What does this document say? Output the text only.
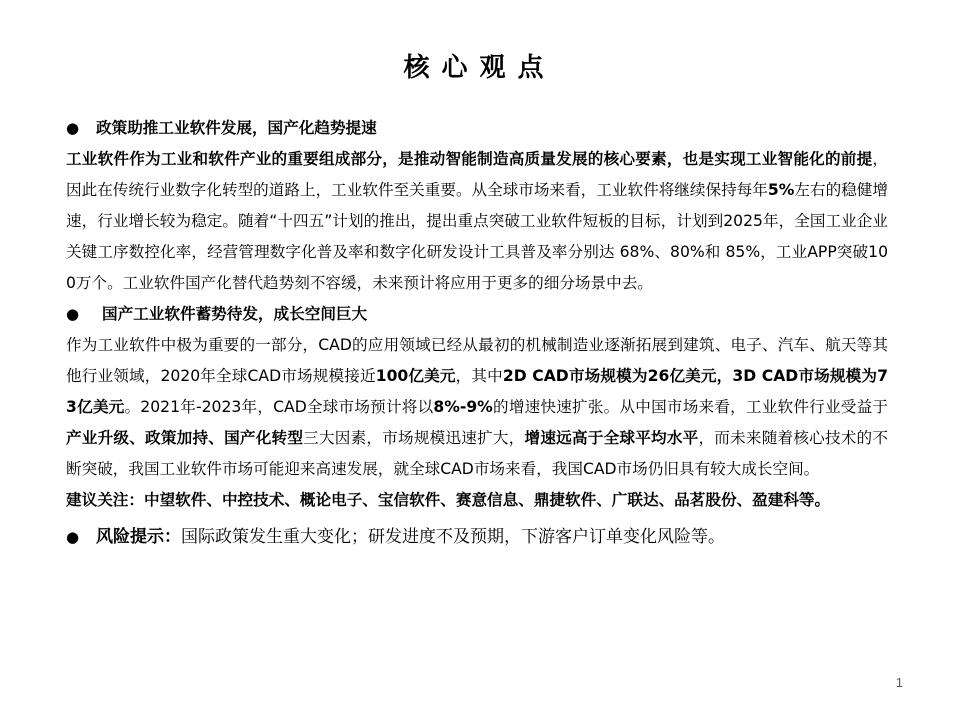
核心观点

● 政策助推工业软件发展，国产化趋势提速

工业软件作为工业和软件产业的重要组成部分，是推动智能制造高质量发展的核心要素，也是实现工业智能化的前提，因此在传统行业数字化转型的道路上，工业软件至关重要。从全球市场来看，工业软件将继续保持每年5%左右的稳健增速，行业增长较为稳定。随着“十四五”计划的推出，提出重点突破工业软件短板的目标，计划到2025年，全国工业企业关键工序数控化率，经营管理数字化普及率和数字化研发设计工具普及率分别达 68%、80%和 85%，工业APP突破100万个。工业软件国产化替代趋势刻不容缓，未来预计将应用于更多的细分场景中去。

● 国产工业软件蓄势待发，成长空间巨大

作为工业软件中极为重要的一部分，CAD的应用领域已经从最初的机械制造业逐渐拓展到建筑、电子、汽车、航天等其他行业领域，2020年全球CAD市场规模接近100亿美元，其中2D CAD市场规模为26亿美元，3D CAD市场规模为73亿美元。2021年-2023年，CAD全球市场预计将以8%-9%的增速快速扩张。从中国市场来看，工业软件行业受益于产业升级、政策加持、国产化转型三大因素，市场规模迅速扩大，增速远高于全球平均水平，而未来随着核心技术的不断突破，我国工业软件市场可能迎来高速发展，就全球CAD市场来看，我国CAD市场仍旧具有较大成长空间。

建议关注：中望软件、中控技术、概论电子、宝信软件、赛意信息、鼎捷软件、广联达、品茗股份、盈建科等。

● 风险提示：国际政策发生重大变化；研发进度不及预期，下游客户订单变化风险等。

1
